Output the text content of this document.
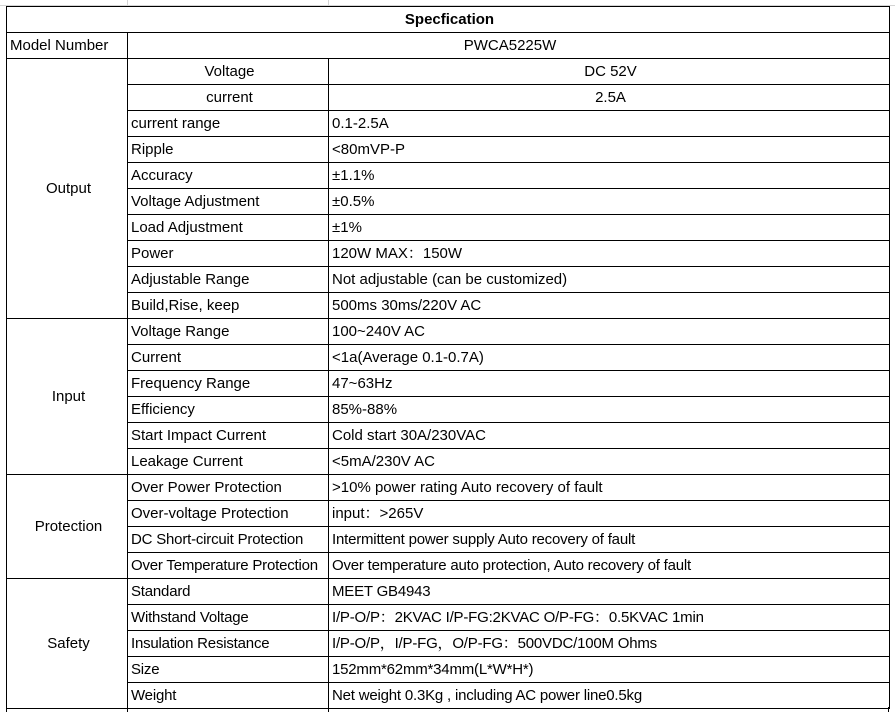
Specfication		
Model Number	PWCA5225W	
Output	Voltage	DC 52V
	current	2.5A
	current range	0.1-2.5A
	Ripple	<80mVP-P
	Accuracy	±1.1%
	Voltage Adjustment	±0.5%
	Load Adjustment	±1%
	Power	120W MAX：150W
	Adjustable Range	Not adjustable (can be customized)
	Build,Rise, keep	500ms 30ms/220V AC
Input	Voltage Range	100~240V AC
	Current	<1a(Average 0.1-0.7A)
	Frequency Range	47~63Hz
	Efficiency	85%-88%
	Start Impact Current	Cold start 30A/230VAC
	Leakage Current	<5mA/230V AC
Protection	Over Power Protection	>10% power rating Auto recovery of fault
	Over-voltage Protection	input：>265V
	DC Short-circuit Protection	Intermittent power supply Auto recovery of fault
	Over Temperature Protection	Over temperature auto protection, Auto recovery of fault
Safety	Standard	MEET GB4943
	Withstand Voltage	I/P-O/P：2KVAC I/P-FG:2KVAC O/P-FG：0.5KVAC 1min
	Insulation Resistance	I/P-O/P，I/P-FG，O/P-FG：500VDC/100M Ohms
	Size	152mm*62mm*34mm(L*W*H*)
	Weight	Net weight 0.3Kg , including AC power line0.5kg
